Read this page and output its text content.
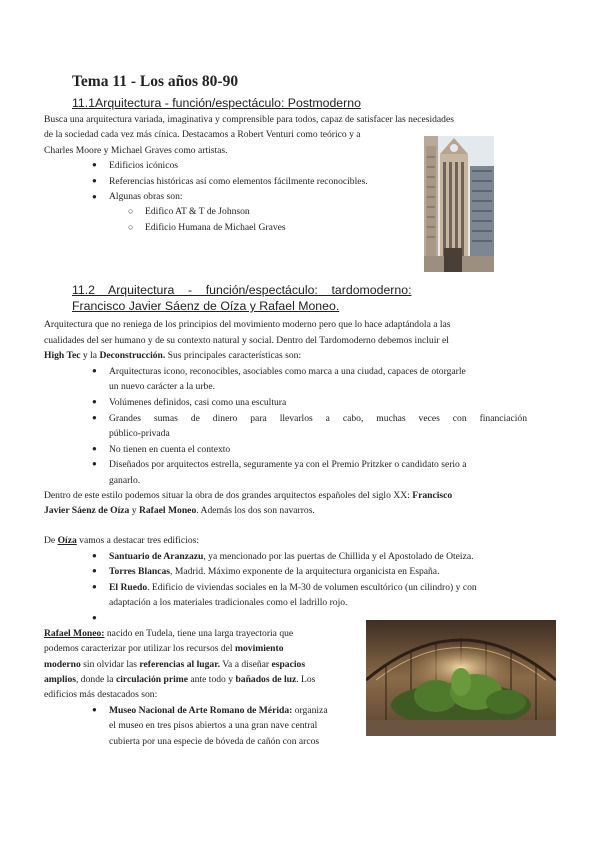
Tema 11 - Los años 80-90
11.1Arquitectura - función/espectáculo: Postmoderno
Busca una arquitectura variada, imaginativa y comprensible para todos, capaz de satisfacer las necesidades
de la sociedad cada vez más cínica. Destacamos a Robert Venturi como teórico y a
Charles Moore y Michael Graves como artistas.
● Edificios icónicos
● Referencias históricas así como elementos fácilmente reconocibles.
● Algunas obras son:
○ Edifico AT & T de Johnson
○ Edificio Humana de Michael Graves
11.2    Arquitectura    -    función/espectáculo:    tardomoderno:
Francisco Javier Sáenz de Oíza y Rafael Moneo.
Arquitectura que no reniega de los principios del movimiento moderno pero que lo hace adaptándola a las
cualidades del ser humano y de su contexto natural y social. Dentro del Tardomoderno debemos incluir el
High Tec y la Deconstrucción. Sus principales características son:
● Arquitecturas icono, reconocibles, asociables como marca a una ciudad, capaces de otorgarle
un nuevo carácter a la urbe.
● Volúmenes definidos, casi como una escultura
● Grandes sumas de dinero para llevarlos a cabo, muchas veces con financiación
público-privada
● No tienen en cuenta el contexto
● Diseñados por arquitectos estrella, seguramente ya con el Premio Pritzker o candidato serio a
ganarlo.
Dentro de este estilo podemos situar la obra de dos grandes arquitectos españoles del siglo XX: Francisco
Javier Sáenz de Oíza y Rafael Moneo. Además los dos son navarros.
De Oíza vamos a destacar tres edificios:
● Santuario de Aranzazu, ya mencionado por las puertas de Chillida y el Apostolado de Oteiza.
● Torres Blancas, Madrid. Máximo exponente de la arquitectura organicista en España.
● El Ruedo. Edificio de viviendas sociales en la M-30 de volumen escultórico (un cilindro) y con
adaptación a los materiales tradicionales como el ladrillo rojo.
●
Rafael Moneo: nacido en Tudela, tiene una larga trayectoria que
podemos caracterizar por utilizar los recursos del movimiento
moderno sin olvidar las referencias al lugar. Va a diseñar espacios
amplios, donde la circulación prime ante todo y bañados de luz. Los
edificios más destacados son:
● Museo Nacional de Arte Romano de Mérida: organiza
el museo en tres pisos abiertos a una gran nave central
cubierta por una especie de bóveda de cañón con arcos
